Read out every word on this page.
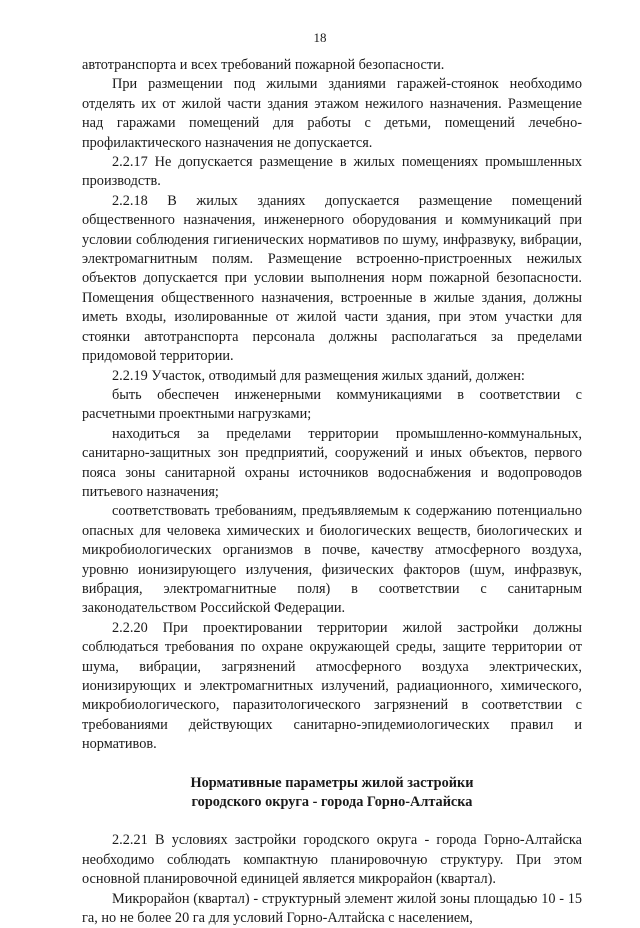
18

автотранспорта и всех требований пожарной безопасности.

При размещении под жилыми зданиями гаражей-стоянок необходимо отделять их от жилой части здания этажом нежилого назначения. Размещение над гаражами помещений для работы с детьми, помещений лечебно-профилактического назначения не допускается.

2.2.17 Не допускается размещение в жилых помещениях промышленных производств.

2.2.18 В жилых зданиях допускается размещение помещений общественного назначения, инженерного оборудования и коммуникаций при условии соблюдения гигиенических нормативов по шуму, инфразвуку, вибрации, электромагнитным полям. Размещение встроенно-пристроенных нежилых объектов допускается при условии выполнения норм пожарной безопасности. Помещения общественного назначения, встроенные в жилые здания, должны иметь входы, изолированные от жилой части здания, при этом участки для стоянки автотранспорта персонала должны располагаться за пределами придомовой территории.

2.2.19 Участок, отводимый для размещения жилых зданий, должен:

быть обеспечен инженерными коммуникациями в соответствии с расчетными проектными нагрузками;

находиться за пределами территории промышленно-коммунальных, санитарно-защитных зон предприятий, сооружений и иных объектов, первого пояса зоны санитарной охраны источников водоснабжения и водопроводов питьевого назначения;

соответствовать требованиям, предъявляемым к содержанию потенциально опасных для человека химических и биологических веществ, биологических и микробиологических организмов в почве, качеству атмосферного воздуха, уровню ионизирующего излучения, физических факторов (шум, инфразвук, вибрация, электромагнитные поля) в соответствии с санитарным законодательством Российской Федерации.

2.2.20 При проектировании территории жилой застройки должны соблюдаться требования по охране окружающей среды, защите территории от шума, вибрации, загрязнений атмосферного воздуха электрических, ионизирующих и электромагнитных излучений, радиационного, химического, микробиологического, паразитологического загрязнений в соответствии с требованиями действующих санитарно-эпидемиологических правил и нормативов.

Нормативные параметры жилой застройки

городского округа - города Горно-Алтайска

2.2.21 В условиях застройки городского округа - города Горно-Алтайска необходимо соблюдать компактную планировочную структуру. При этом основной планировочной единицей является микрорайон (квартал).

Микрорайон (квартал) - структурный элемент жилой зоны площадью 10 - 15 га, но не более 20 га для условий Горно-Алтайска с населением,
